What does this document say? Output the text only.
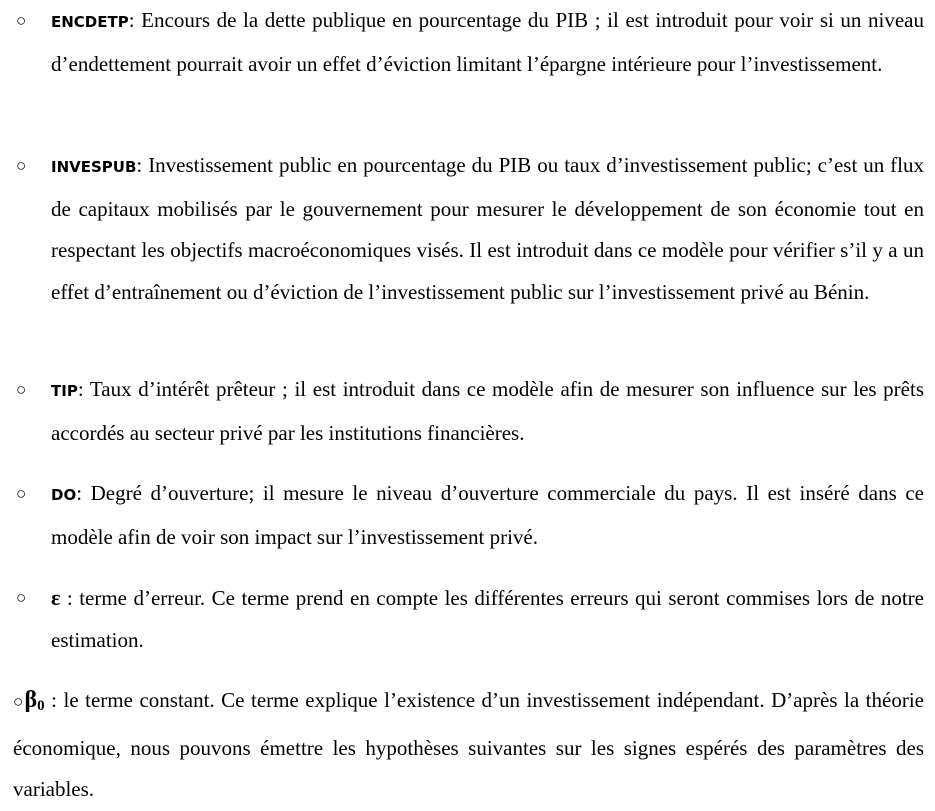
○	ENCDETP: Encours de la dette publique en pourcentage du PIB ; il est introduit pour voir si un niveau d’endettement pourrait avoir un effet d’éviction limitant l’épargne intérieure pour l’investissement.
○	INVESPUB: Investissement public en pourcentage du PIB ou taux d’investissement public; c’est un flux de capitaux mobilisés par le gouvernement pour mesurer le développement de son économie tout en respectant les objectifs macroéconomiques visés. Il est introduit dans ce modèle pour vérifier s’il y a un effet d’entraînement ou d’éviction de l’investissement public sur l’investissement privé au Bénin.
○	TIP: Taux d’intérêt prêteur ; il est introduit dans ce modèle afin de mesurer son influence sur les prêts accordés au secteur privé par les institutions financières.
○	DO: Degré d’ouverture; il mesure le niveau d’ouverture commerciale du pays. Il est inséré dans ce modèle afin de voir son impact sur l’investissement privé.
○	ε : terme d’erreur. Ce terme prend en compte les différentes erreurs qui seront commises lors de notre estimation.
$○\beta_0$ : le terme constant. Ce terme explique l’existence d’un investissement indépendant. D’après la théorie économique, nous pouvons émettre les hypothèses suivantes sur les signes espérés des paramètres des variables.
